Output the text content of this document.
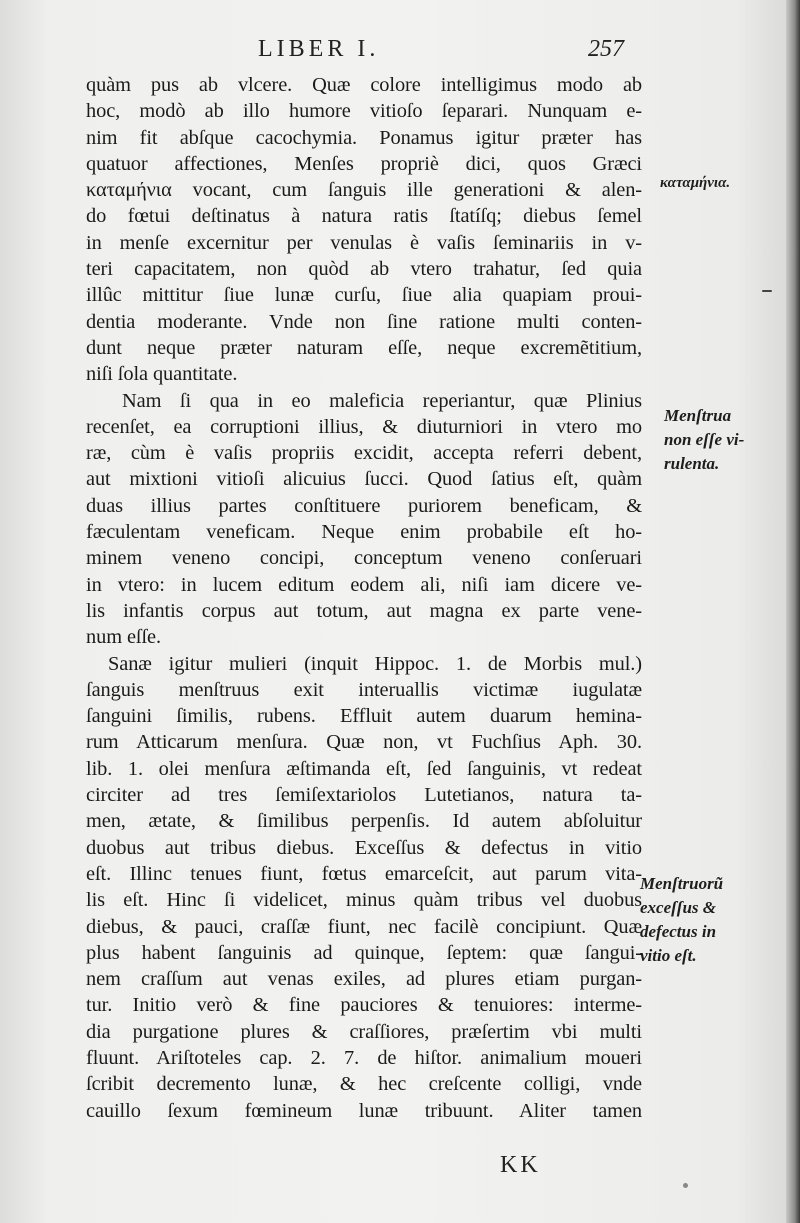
LIBER I.	257
quàm pus ab vlcere. Quæ colore intelligimus modo ab
hoc, modò ab illo humore vitioſo ſeparari. Nunquam e-
nim fit abſque cacochymia. Ponamus igitur præter has
quatuor affectiones, Menſes propriè dici, quos Græci
καταμήνια vocant, cum ſanguis ille generationi & alen-
do fœtui deſtinatus à natura ratis ſtatíſq; diebus ſemel
in menſe excernitur per venulas è vaſis ſeminariis in v-
teri capacitatem, non quòd ab vtero trahatur, ſed quia
illûc mittitur ſiue lunæ curſu, ſiue alia quapiam proui-
dentia moderante. Vnde non ſine ratione multi conten-
dunt neque præter naturam eſſe, neque excremẽtitium,
niſi ſola quantitate.
Nam ſi qua in eo maleficia reperiantur, quæ Plinius
recenſet, ea corruptioni illius, & diuturniori in vtero mo
ræ, cùm è vaſis propriis excidit, accepta referri debent,
aut mixtioni vitioſi alicuius ſucci. Quod ſatius eſt, quàm
duas illius partes conſtituere puriorem beneficam, &
fæculentam veneficam. Neque enim probabile eſt ho-
minem veneno concipi, conceptum veneno conſeruari
in vtero: in lucem editum eodem ali, niſi iam dicere ve-
lis infantis corpus aut totum, aut magna ex parte vene-
num eſſe.
Sanæ igitur mulieri (inquit Hippoc. 1. de Morbis mul.)
ſanguis menſtruus exit interuallis victimæ iugulatæ
ſanguini ſimilis, rubens. Effluit autem duarum hemina-
rum Atticarum menſura. Quæ non, vt Fuchſius Aph. 30.
lib. 1. olei menſura æſtimanda eſt, ſed ſanguinis, vt redeat
circiter ad tres ſemiſextariolos Lutetianos, natura ta-
men, ætate, & ſimilibus perpenſis. Id autem abſoluitur
duobus aut tribus diebus. Exceſſus & defectus in vitio
eſt. Illinc tenues fiunt, fœtus emarceſcit, aut parum vita-
lis eſt. Hinc ſi videlicet, minus quàm tribus vel duobus
diebus, & pauci, craſſæ fiunt, nec facilè concipiunt. Quæ
plus habent ſanguinis ad quinque, ſeptem: quæ ſangui-
nem craſſum aut venas exiles, ad plures etiam purgan-
tur. Initio verò & fine pauciores & tenuiores: interme-
dia purgatione plures & craſſiores, præſertim vbi multi
fluunt. Ariſtoteles cap. 2. 7. de hiſtor. animalium moueri
ſcribit decremento lunæ, & hec creſcente colligi, vnde
cauillo ſexum fœmineum lunæ tribuunt. Aliter tamen
καταμήνια.
Menſtrua
non eſſe vi-
rulenta.
Menſtruorũ
exceſſus &
defectus in
vitio eſt.
KK
